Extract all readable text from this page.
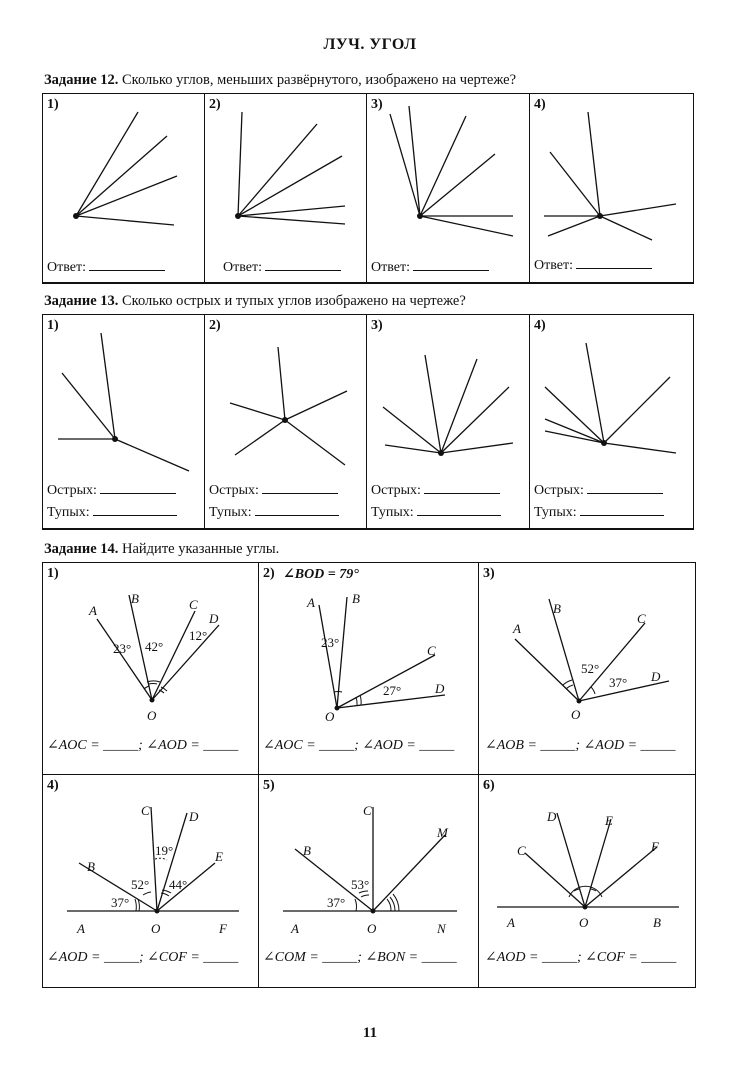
ЛУЧ. УГОЛ
Задание 12. Сколько углов, меньших развёрнутого, изображено на чертеже?
1)
Ответ:
2)
Ответ:
3)
Ответ:
4)
Ответ:
Задание 13. Сколько острых и тупых углов изображено на чертеже?
1)
Острых:
Тупых:
2)
Острых:
Тупых:
3)
Острых:
Тупых:
4)
Острых:
Тупых:
Задание 14. Найдите указанные углы.
1)
A
B	C
D
O
23° 42°
12°
∠AOC = _____; ∠AOD = _____
2) ∠BOD = 79°
A	B
C
D
O
23°
27°
∠AOC = _____; ∠AOD = _____
3)
A
B
C
D
O
52°
37°
∠AOB = _____; ∠AOD = _____
4)
B
C	D
E
A	F
O
19°
52° 44°
37°
∠AOD = _____; ∠COF = _____
5)
B
C
M
A	N
O
53°
37°
∠COM = _____; ∠BON = _____
6)
C
D	E
F
A	B
O
∠AOD = _____; ∠COF = _____
11
